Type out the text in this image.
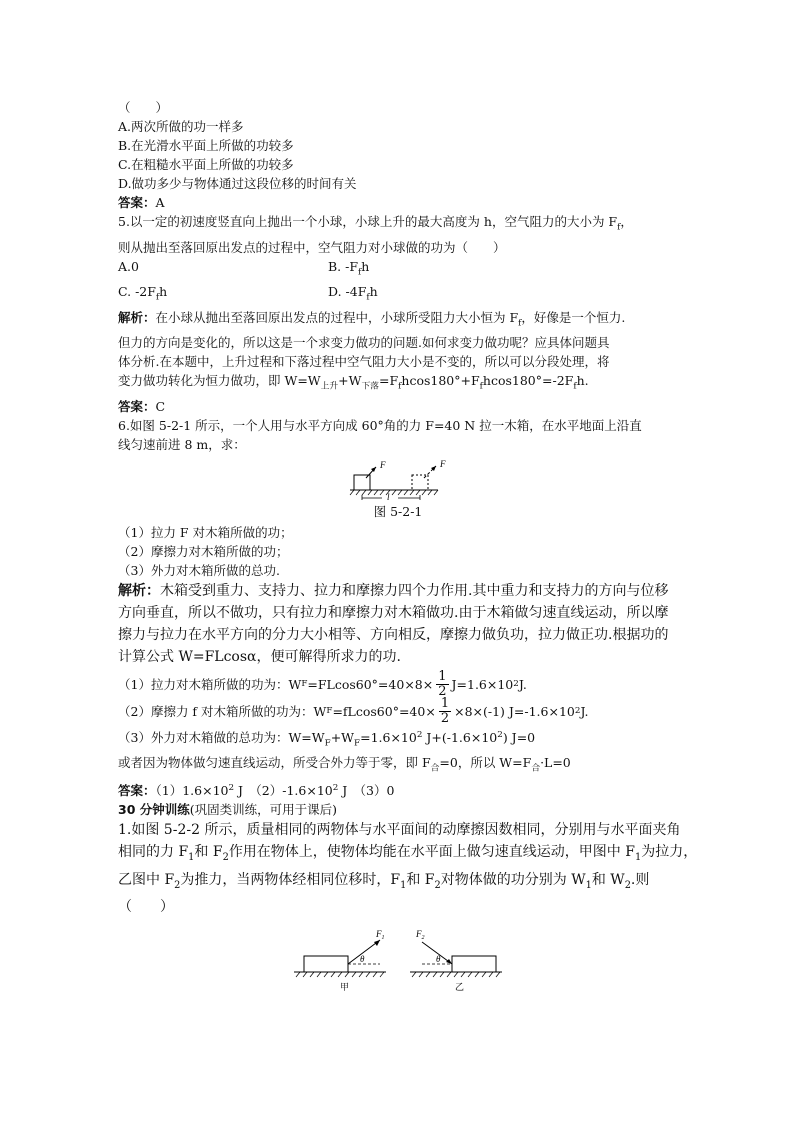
（　　）
A.两次所做的功一样多
B.在光滑水平面上所做的功较多
C.在粗糙水平面上所做的功较多
D.做功多少与物体通过这段位移的时间有关
答案：A
5.以一定的初速度竖直向上抛出一个小球，小球上升的最大高度为 h，空气阻力的大小为 $F_f$，
则从抛出至落回原出发点的过程中，空气阻力对小球做的功为（　　）
A.0	B. $-F_fh$
C. $-2F_fh$	D. $-4F_fh$
解析：在小球从抛出至落回原出发点的过程中，小球所受阻力大小恒为 $F_f$，好像是一个恒力.
但力的方向是变化的，所以这是一个求变力做功的问题.如何求变力做功呢？应具体问题具
体分析.在本题中，上升过程和下落过程中空气阻力大小是不变的，所以可以分段处理，将
变力做功转化为恒力做功，即 $W=W_{上升}+W_{下落}=F_fhcos180^\circ+F_fhcos180^\circ=-2F_fh$.
答案：C
6.如图 5-2-1 所示，一个人用与水平方向成 60°角的力 F=40 N 拉一木箱，在水平地面上沿直
线匀速前进 8 m，求：
F	F
l
图 5-2-1
（1）拉力 F 对木箱所做的功；
（2）摩擦力对木箱所做的功；
（3）外力对木箱所做的总功.
解析：木箱受到重力、支持力、拉力和摩擦力四个力作用.其中重力和支持力的方向与位移
方向垂直，所以不做功，只有拉力和摩擦力对木箱做功.由于木箱做匀速直线运动，所以摩
擦力与拉力在水平方向的分力大小相等、方向相反，摩擦力做负功，拉力做正功.根据功的
计算公式 W=FLcosα，便可解得所求力的功.
（1）拉力对木箱所做的功为：W $F =FLcos60^\circ=40\times 8\times \frac{1}{2} J=1.6\times 10$ 2 J.
（2）摩擦力 f 对木箱所做的功为：W $F =fLcos60^\circ=40\times \frac{1}{2} \times 8\times(-1)$ J=-1.6×10 2 J.
（3）外力对木箱做的总功为：$W=W_F+W_F=1.6\times 10^2$ $J+(-1.6\times 10^2)$ J=0
或者因为物体做匀速直线运动，所受合外力等于零，即 $F_合=0$，所以 $W=F_合\cdot L=0$
答案：$(1)1.6\times 10^2$ J　$(2)-1.6\times 10^2$ J　（3）0
30 分钟训练(巩固类训练，可用于课后)
1.如图 5-2-2 所示，质量相同的两物体与水平面间的动摩擦因数相同，分别用与水平面夹角
相同的力 $F_1$和 $F_2$作用在物体上，使物体均能在水平面上做匀速直线运动，甲图中 $F_1$为拉力，
乙图中 $F_2$为推力，当两物体经相同位移时，$F_1$和 $F_2$对物体做的功分别为 $W_1$和 $W_2$.则
（　　）
θ
$F_1$
甲
θ
$F_2$
乙
